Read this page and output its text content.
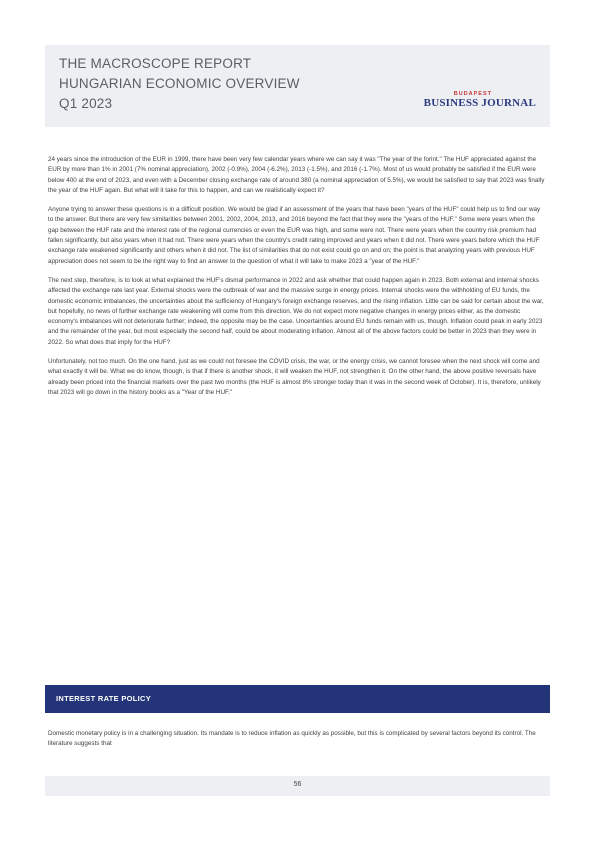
THE MACROSCOPE REPORT
HUNGARIAN ECONOMIC OVERVIEW
Q1 2023
BUDAPEST
BUSINESS JOURNAL

24 years since the introduction of the EUR in 1999, there have been very few calendar years where we can say it was "The year of the forint." The HUF appreciated against the EUR by more than 1% in 2001 (7% nominal appreciation), 2002 (-0.9%), 2004 (-6.2%), 2013 (-1.5%), and 2016 (-1.7%). Most of us would probably be satisfied if the EUR were below 400 at the end of 2023, and even with a December closing exchange rate of around 380 (a nominal appreciation of 5.5%), we would be satisfied to say that 2023 was finally the year of the HUF again. But what will it take for this to happen, and can we realistically expect it?

Anyone trying to answer these questions is in a difficult position. We would be glad if an assessment of the years that have been "years of the HUF" could help us to find our way to the answer. But there are very few similarities between 2001, 2002, 2004, 2013, and 2016 beyond the fact that they were the "years of the HUF." Some were years when the gap between the HUF rate and the interest rate of the regional currencies or even the EUR was high, and some were not. There were years when the country risk premium had fallen significantly, but also years when it had not. There were years when the country's credit rating improved and years when it did not. There were years before which the HUF exchange rate weakened significantly and others when it did not. The list of similarities that do not exist could go on and on; the point is that analyzing years with previous HUF appreciation does not seem to be the right way to find an answer to the question of what it will take to make 2023 a "year of the HUF."

The next step, therefore, is to look at what explained the HUF's dismal performance in 2022 and ask whether that could happen again in 2023. Both external and internal shocks affected the exchange rate last year. External shocks were the outbreak of war and the massive surge in energy prices. Internal shocks were the withholding of EU funds, the domestic economic imbalances, the uncertainties about the sufficiency of Hungary's foreign exchange reserves, and the rising inflation. Little can be said for certain about the war, but hopefully, no news of further exchange rate weakening will come from this direction. We do not expect more negative changes in energy prices either, as the domestic economy's imbalances will not deteriorate further; indeed, the opposite may be the case. Uncertainties around EU funds remain with us, though. Inflation could peak in early 2023 and the remainder of the year, but most especially the second half, could be about moderating inflation. Almost all of the above factors could be better in 2023 than they were in 2022. So what does that imply for the HUF?

Unfortunately, not too much. On the one hand, just as we could not foresee the COVID crisis, the war, or the energy crisis, we cannot foresee when the next shock will come and what exactly it will be. What we do know, though, is that if there is another shock, it will weaken the HUF, not strengthen it. On the other hand, the above positive reversals have already been priced into the financial markets over the past two months (the HUF is almost 8% stronger today than it was in the second week of October). It is, therefore, unlikely that 2023 will go down in the history books as a "Year of the HUF."

INTEREST RATE POLICY

Domestic monetary policy is in a challenging situation. Its mandate is to reduce inflation as quickly as possible, but this is complicated by several factors beyond its control. The literature suggests that

56
